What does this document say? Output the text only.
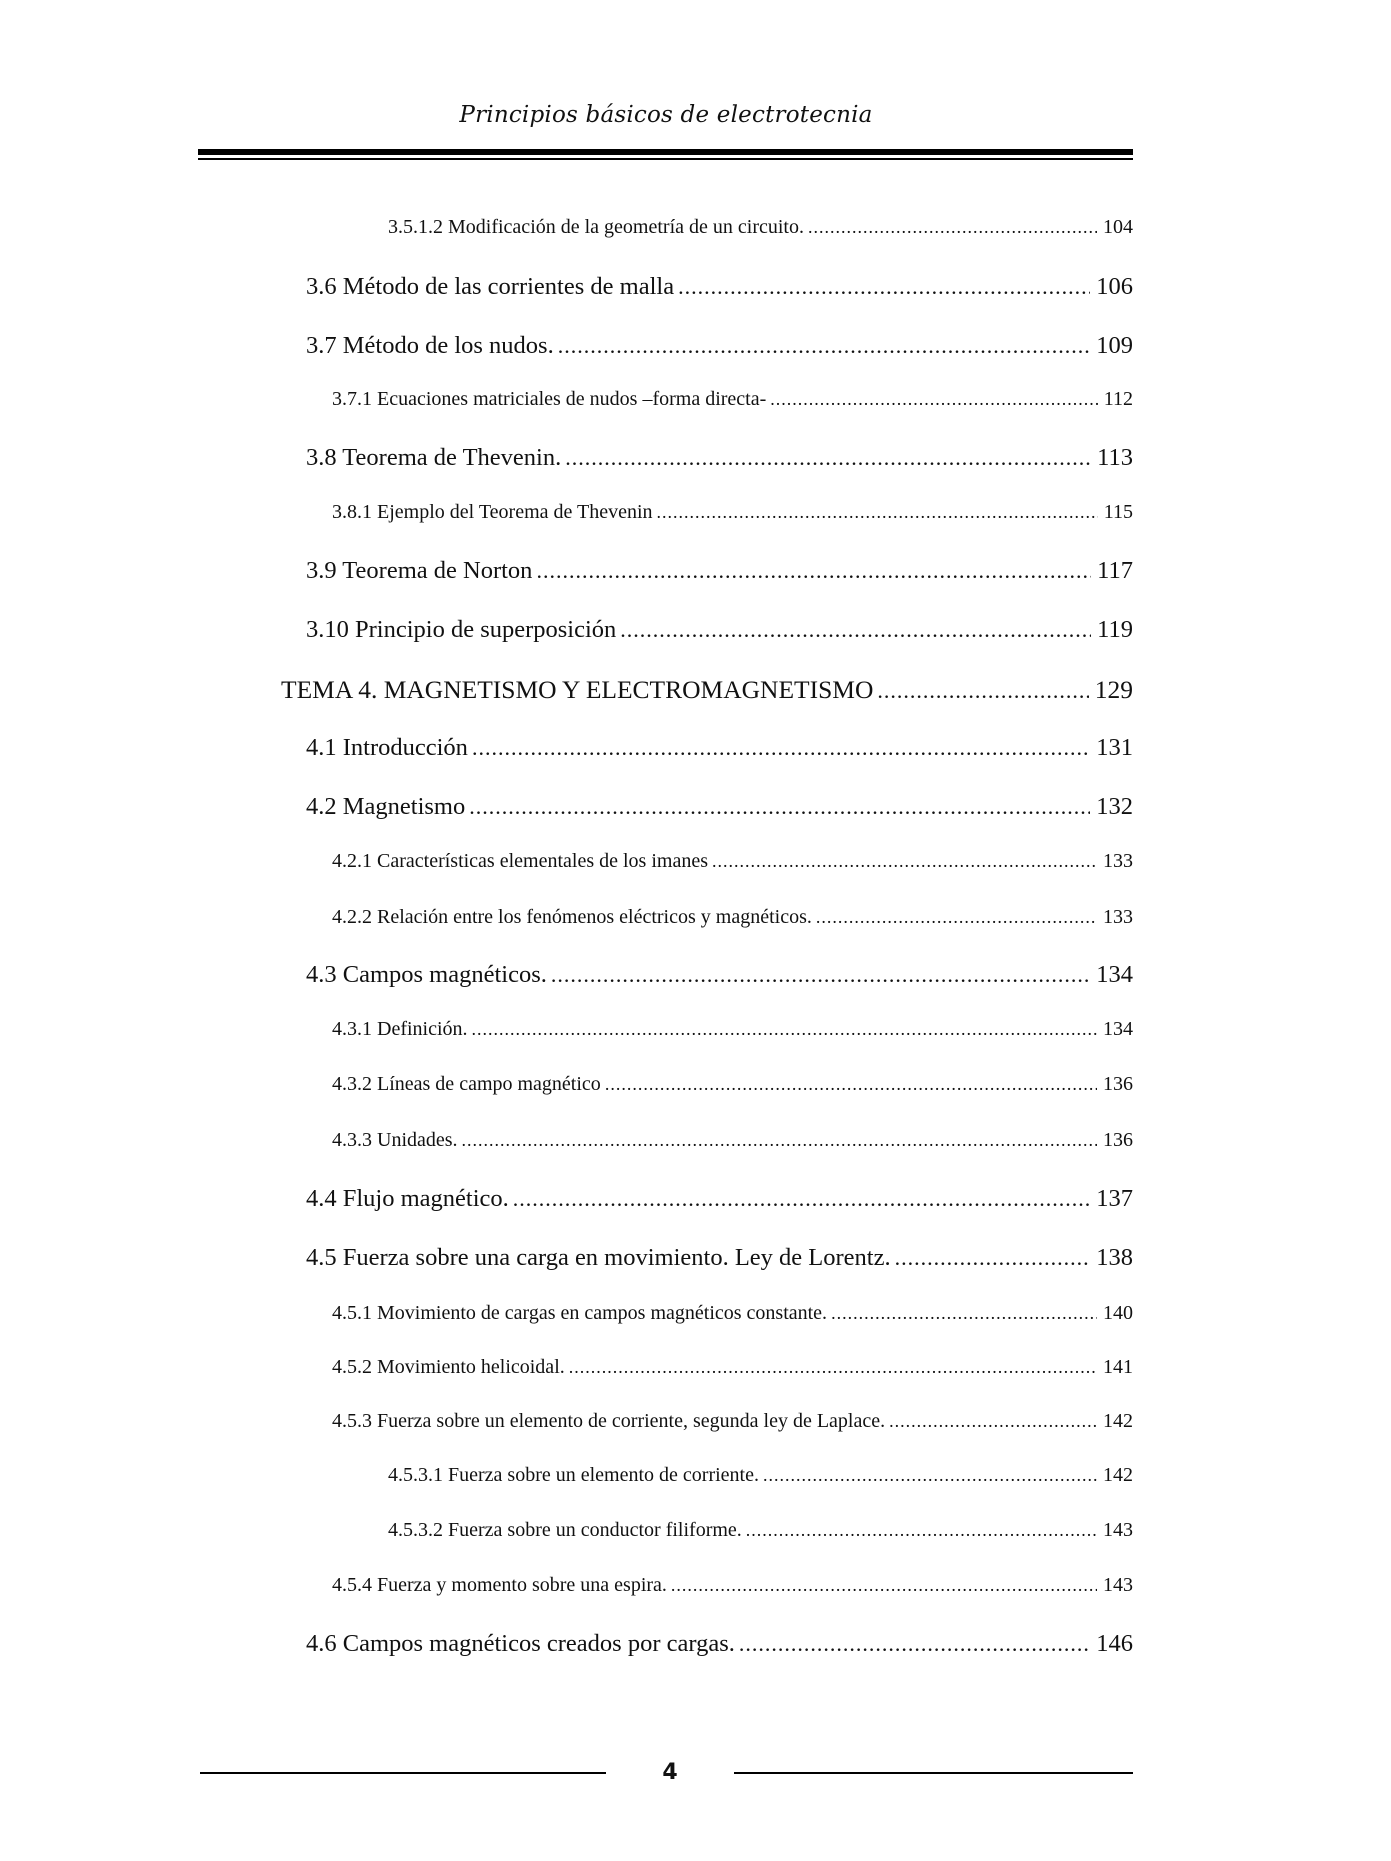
Principios básicos de electrotecnia
3.5.1.2 Modificación de la geometría de un circuito. .....	104
3.6 Método de las corrientes de malla .....	106
3.7 Método de los nudos. .....	109
3.7.1 Ecuaciones matriciales de nudos –forma directa- .....	112
3.8 Teorema de Thevenin. .....	113
3.8.1 Ejemplo del Teorema de Thevenin .....	115
3.9 Teorema de Norton .....	117
3.10 Principio de superposición .....	119
TEMA 4. MAGNETISMO Y ELECTROMAGNETISMO .....	129
4.1 Introducción .....	131
4.2 Magnetismo .....	132
4.2.1 Características elementales de los imanes .....	133
4.2.2 Relación entre los fenómenos eléctricos y magnéticos. .....	133
4.3 Campos magnéticos. .....	134
4.3.1 Definición. .....	134
4.3.2 Líneas de campo magnético .....	136
4.3.3 Unidades. .....	136
4.4 Flujo magnético. .....	137
4.5 Fuerza sobre una carga en movimiento. Ley de Lorentz. .....	138
4.5.1 Movimiento de cargas en campos magnéticos constante. .....	140
4.5.2 Movimiento helicoidal. .....	141
4.5.3 Fuerza sobre un elemento de corriente, segunda ley de Laplace. .....	142
4.5.3.1 Fuerza sobre un elemento de corriente. .....	142
4.5.3.2 Fuerza sobre un conductor filiforme. .....	143
4.5.4 Fuerza y momento sobre una espira. .....	143
4.6 Campos magnéticos creados por cargas. .....	146
4
